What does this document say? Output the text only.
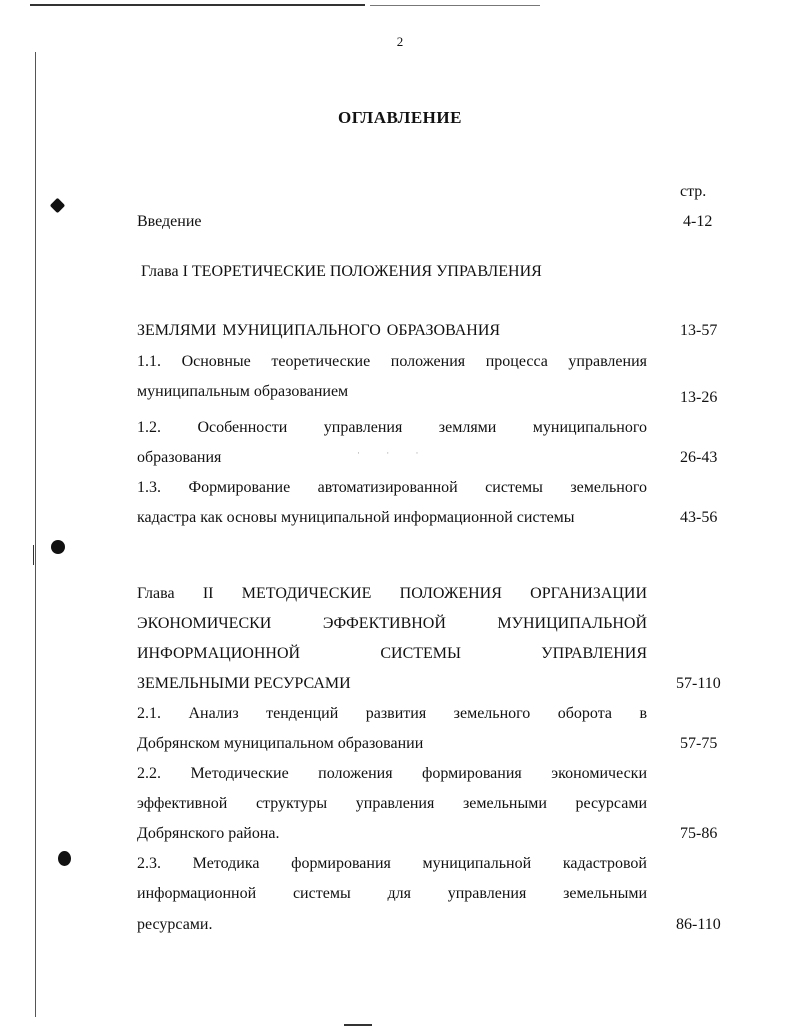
· · ·
2
ОГЛАВЛЕНИЕ
стр.
Введение	4-12
Глава I ТЕОРЕТИЧЕСКИЕ ПОЛОЖЕНИЯ УПРАВЛЕНИЯ
ЗЕМЛЯМИ МУНИЦИПАЛЬНОГО ОБРАЗОВАНИЯ	13-57
1.1. Основные теоретические положения процесса управления
муниципальным образованием	13-26
1.2. Особенности управления землями муниципального
образования	26-43
1.3. Формирование автоматизированной системы земельного
кадастра как основы муниципальной информационной системы	43-56
Глава II МЕТОДИЧЕСКИЕ ПОЛОЖЕНИЯ ОРГАНИЗАЦИИ
ЭКОНОМИЧЕСКИ ЭФФЕКТИВНОЙ МУНИЦИПАЛЬНОЙ
ИНФОРМАЦИОННОЙ СИСТЕМЫ УПРАВЛЕНИЯ
ЗЕМЕЛЬНЫМИ РЕСУРСАМИ	57-110
2.1. Анализ тенденций развития земельного оборота в
Добрянском муниципальном образовании	57-75
2.2. Методические положения формирования экономически
эффективной структуры управления земельными ресурсами
Добрянского района.	75-86
2.3. Методика формирования муниципальной кадастровой
информационной системы для управления земельными
ресурсами.	86-110
